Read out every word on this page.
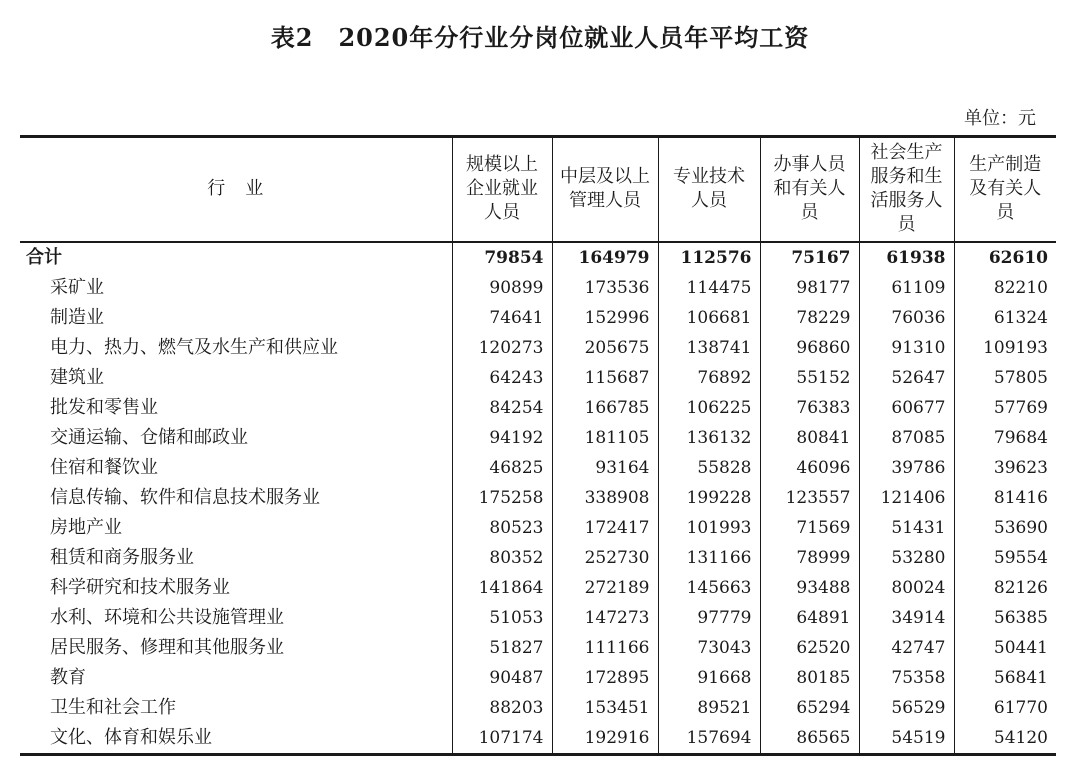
表2　2020年分行业分岗位就业人员年平均工资
单位：元
行　业	规模以上企业就业人员	中层及以上管理人员	专业技术人员	办事人员和有关人员	社会生产服务和生活服务人员	生产制造及有关人员
合计	79854	164979	112576	75167	61938	62610
采矿业	90899	173536	114475	98177	61109	82210
制造业	74641	152996	106681	78229	76036	61324
电力、热力、燃气及水生产和供应业	120273	205675	138741	96860	91310	109193
建筑业	64243	115687	76892	55152	52647	57805
批发和零售业	84254	166785	106225	76383	60677	57769
交通运输、仓储和邮政业	94192	181105	136132	80841	87085	79684
住宿和餐饮业	46825	93164	55828	46096	39786	39623
信息传输、软件和信息技术服务业	175258	338908	199228	123557	121406	81416
房地产业	80523	172417	101993	71569	51431	53690
租赁和商务服务业	80352	252730	131166	78999	53280	59554
科学研究和技术服务业	141864	272189	145663	93488	80024	82126
水利、环境和公共设施管理业	51053	147273	97779	64891	34914	56385
居民服务、修理和其他服务业	51827	111166	73043	62520	42747	50441
教育	90487	172895	91668	80185	75358	56841
卫生和社会工作	88203	153451	89521	65294	56529	61770
文化、体育和娱乐业	107174	192916	157694	86565	54519	54120
